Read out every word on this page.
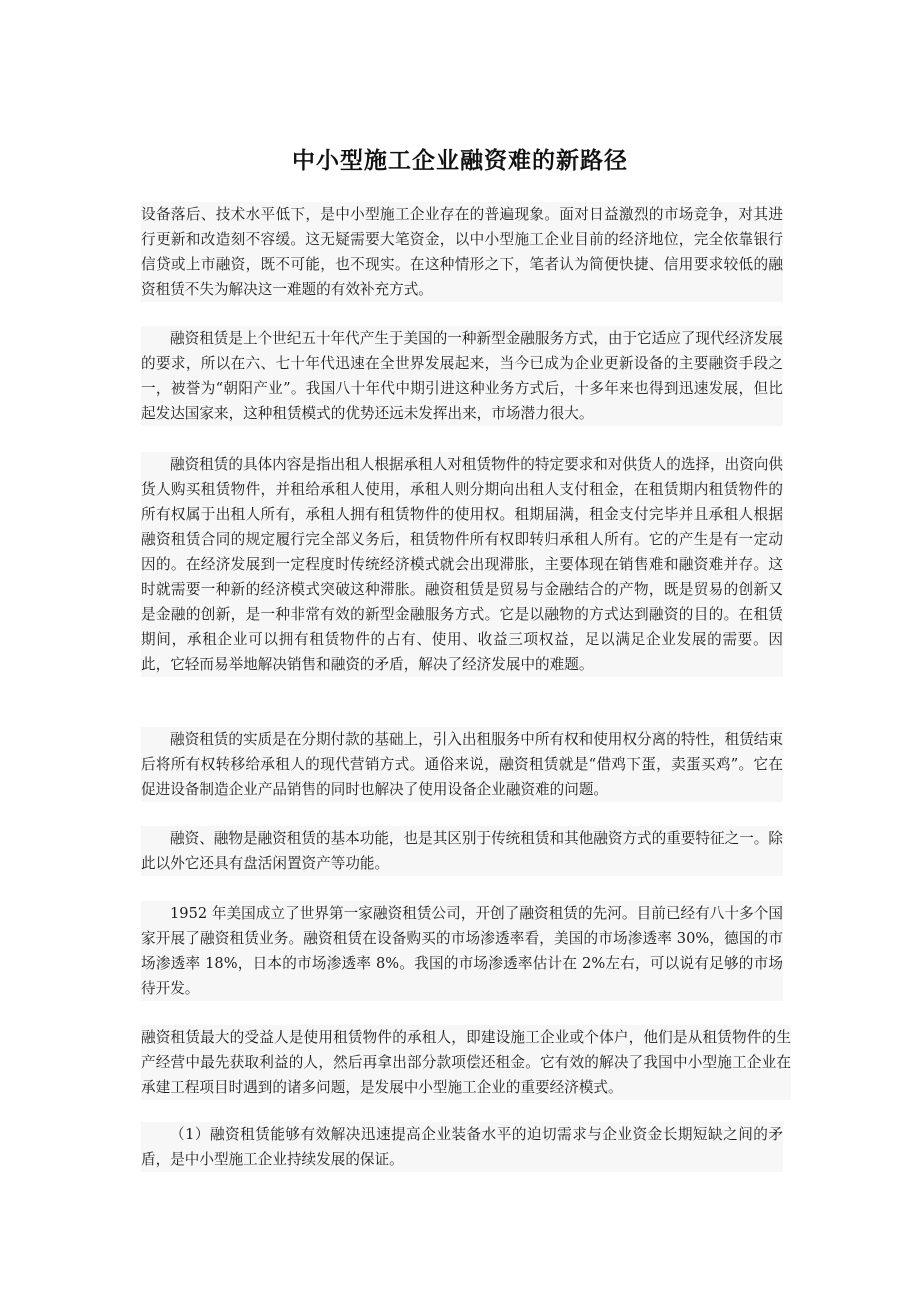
中小型施工企业融资难的新路径

设备落后、技术水平低下，是中小型施工企业存在的普遍现象。面对日益激烈的市场竞争，对其进行更新和改造刻不容缓。这无疑需要大笔资金，以中小型施工企业目前的经济地位，完全依靠银行信贷或上市融资，既不可能，也不现实。在这种情形之下，笔者认为简便快捷、信用要求较低的融资租赁不失为解决这一难题的有效补充方式。

融资租赁是上个世纪五十年代产生于美国的一种新型金融服务方式，由于它适应了现代经济发展的要求，所以在六、七十年代迅速在全世界发展起来，当今已成为企业更新设备的主要融资手段之一，被誉为“朝阳产业”。我国八十年代中期引进这种业务方式后，十多年来也得到迅速发展，但比起发达国家来，这种租赁模式的优势还远未发挥出来，市场潜力很大。

融资租赁的具体内容是指出租人根据承租人对租赁物件的特定要求和对供货人的选择，出资向供货人购买租赁物件，并租给承租人使用，承租人则分期向出租人支付租金，在租赁期内租赁物件的所有权属于出租人所有，承租人拥有租赁物件的使用权。租期届满，租金支付完毕并且承租人根据融资租赁合同的规定履行完全部义务后，租赁物件所有权即转归承租人所有。它的产生是有一定动因的。在经济发展到一定程度时传统经济模式就会出现滞胀，主要体现在销售难和融资难并存。这时就需要一种新的经济模式突破这种滞胀。融资租赁是贸易与金融结合的产物，既是贸易的创新又是金融的创新，是一种非常有效的新型金融服务方式。它是以融物的方式达到融资的目的。在租赁期间，承租企业可以拥有租赁物件的占有、使用、收益三项权益，足以满足企业发展的需要。因此，它轻而易举地解决销售和融资的矛盾，解决了经济发展中的难题。

融资租赁的实质是在分期付款的基础上，引入出租服务中所有权和使用权分离的特性，租赁结束后将所有权转移给承租人的现代营销方式。通俗来说，融资租赁就是“借鸡下蛋，卖蛋买鸡”。它在促进设备制造企业产品销售的同时也解决了使用设备企业融资难的问题。

融资、融物是融资租赁的基本功能，也是其区别于传统租赁和其他融资方式的重要特征之一。除此以外它还具有盘活闲置资产等功能。

1952 年美国成立了世界第一家融资租赁公司，开创了融资租赁的先河。目前已经有八十多个国家开展了融资租赁业务。融资租赁在设备购买的市场渗透率看，美国的市场渗透率 30%，德国的市场渗透率 18%，日本的市场渗透率 8%。我国的市场渗透率估计在 2%左右，可以说有足够的市场待开发。

融资租赁最大的受益人是使用租赁物件的承租人，即建设施工企业或个体户，他们是从租赁物件的生产经营中最先获取利益的人，然后再拿出部分款项偿还租金。它有效的解决了我国中小型施工企业在承建工程项目时遇到的诸多问题，是发展中小型施工企业的重要经济模式。

（1）融资租赁能够有效解决迅速提高企业装备水平的迫切需求与企业资金长期短缺之间的矛盾，是中小型施工企业持续发展的保证。
